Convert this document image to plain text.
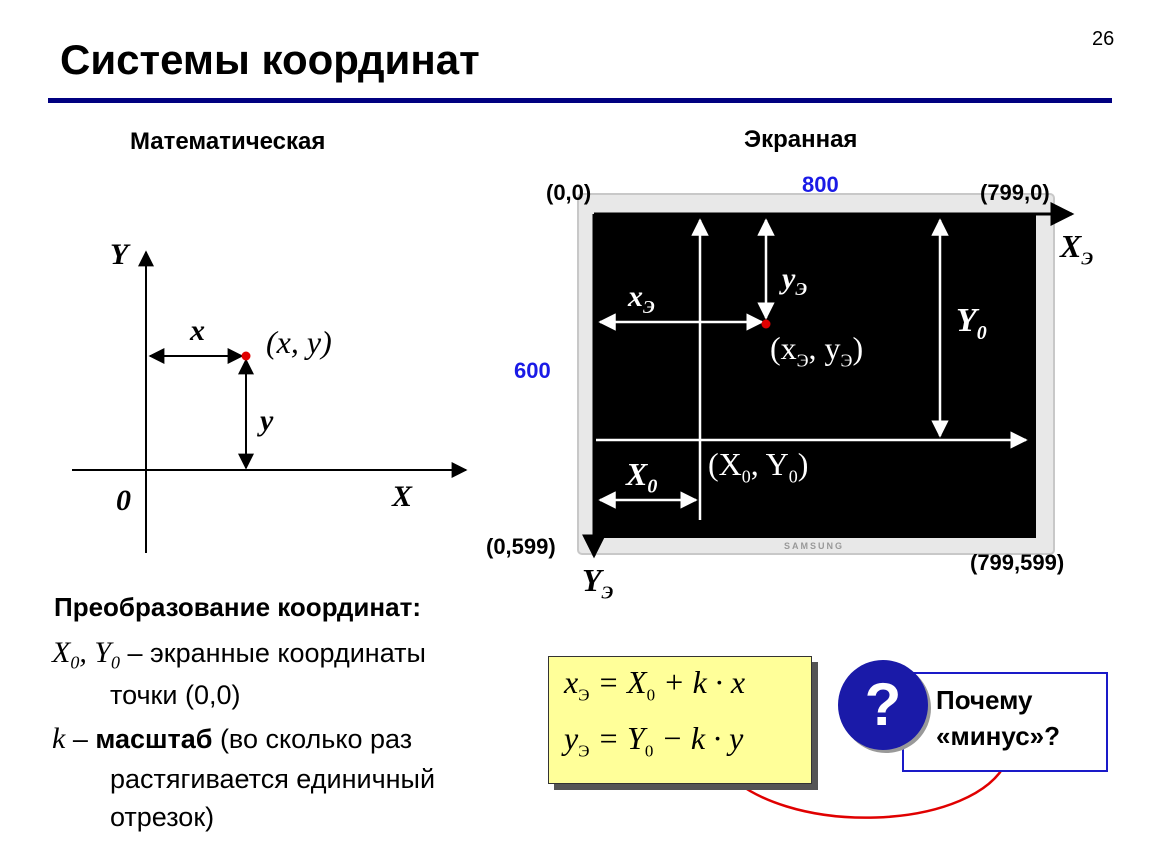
26
Системы координат
Математическая	Экранная
Y
X
0
x
y
(x, y)
(0,0)	800	(799,0)
600
(0,599)
(799,599)
SAMSUNG
$X_Э$
$Y_Э$
$x_Э$
$y_Э$
($x_Э$, $y_Э$)
$Y_0$
$X_0$
($X_0$, $Y_0$)
Преобразование координат:
$X_0$, $Y_0$ – экранные координаты
точки (0,0)
k – масштаб (во сколько раз
растягивается единичный
отрезок)
$x_Э = X_0 + k \cdot x$
$y_Э = Y_0 - k \cdot y$	?	Почему
«минус»?
